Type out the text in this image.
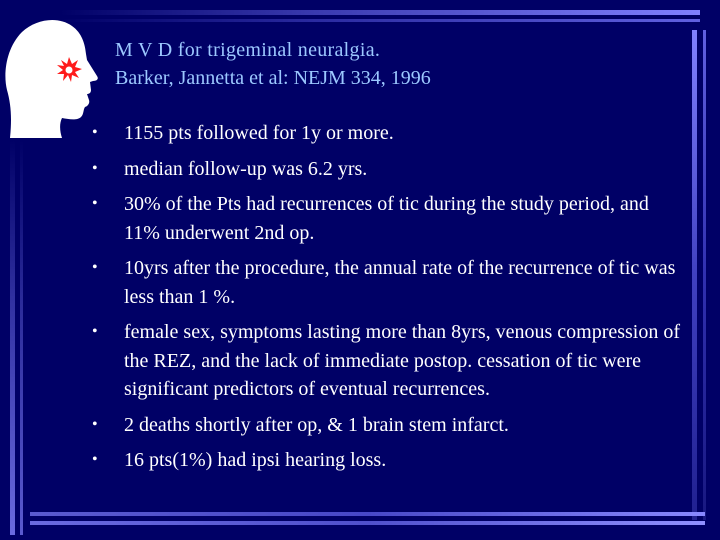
M V D for trigeminal neuralgia.
Barker, Jannetta et al: NEJM 334, 1996
• 1155 pts followed for 1y or more.
• median follow-up was 6.2 yrs.
• 30% of the Pts had recurrences of tic during the study period, and 11% underwent 2nd op.
• 10yrs after the procedure, the annual rate of the recurrence of tic was less than 1 %.
• female sex, symptoms lasting more than 8yrs, venous compression of the REZ, and the lack of immediate postop. cessation of tic were significant predictors of eventual recurrences.
• 2 deaths shortly after op, & 1 brain stem infarct.
• 16 pts(1%) had ipsi hearing loss.
